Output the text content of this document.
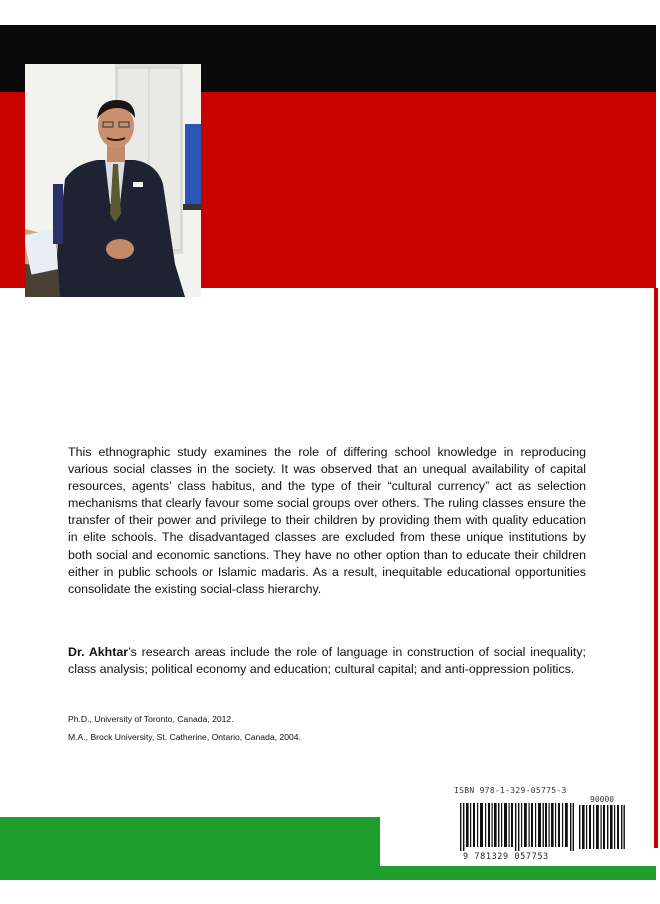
This ethnographic study examines the role of differing school knowledge in reproducing various social classes in the society. It was observed that an unequal availability of capital resources, agents’ class habitus, and the type of their “cultural currency” act as selection mechanisms that clearly favour some social groups over others. The ruling classes ensure the transfer of their power and privilege to their children by providing them with quality education in elite schools. The disadvantaged classes are excluded from these unique institutions by both social and economic sanctions. They have no other option than to educate their children either in public schools or Islamic madaris. As a result, inequitable educational opportunities consolidate the existing social-class hierarchy.

Dr. Akhtar’s research areas include the role of language in construction of social inequality; class analysis; political economy and education; cultural capital; and anti-oppression politics.

Ph.D., University of Toronto, Canada, 2012.

M.A., Brock University, St. Catherine, Ontario, Canada, 2004.

ISBN 978-1-329-05775-3
90000
9 781329 057753
